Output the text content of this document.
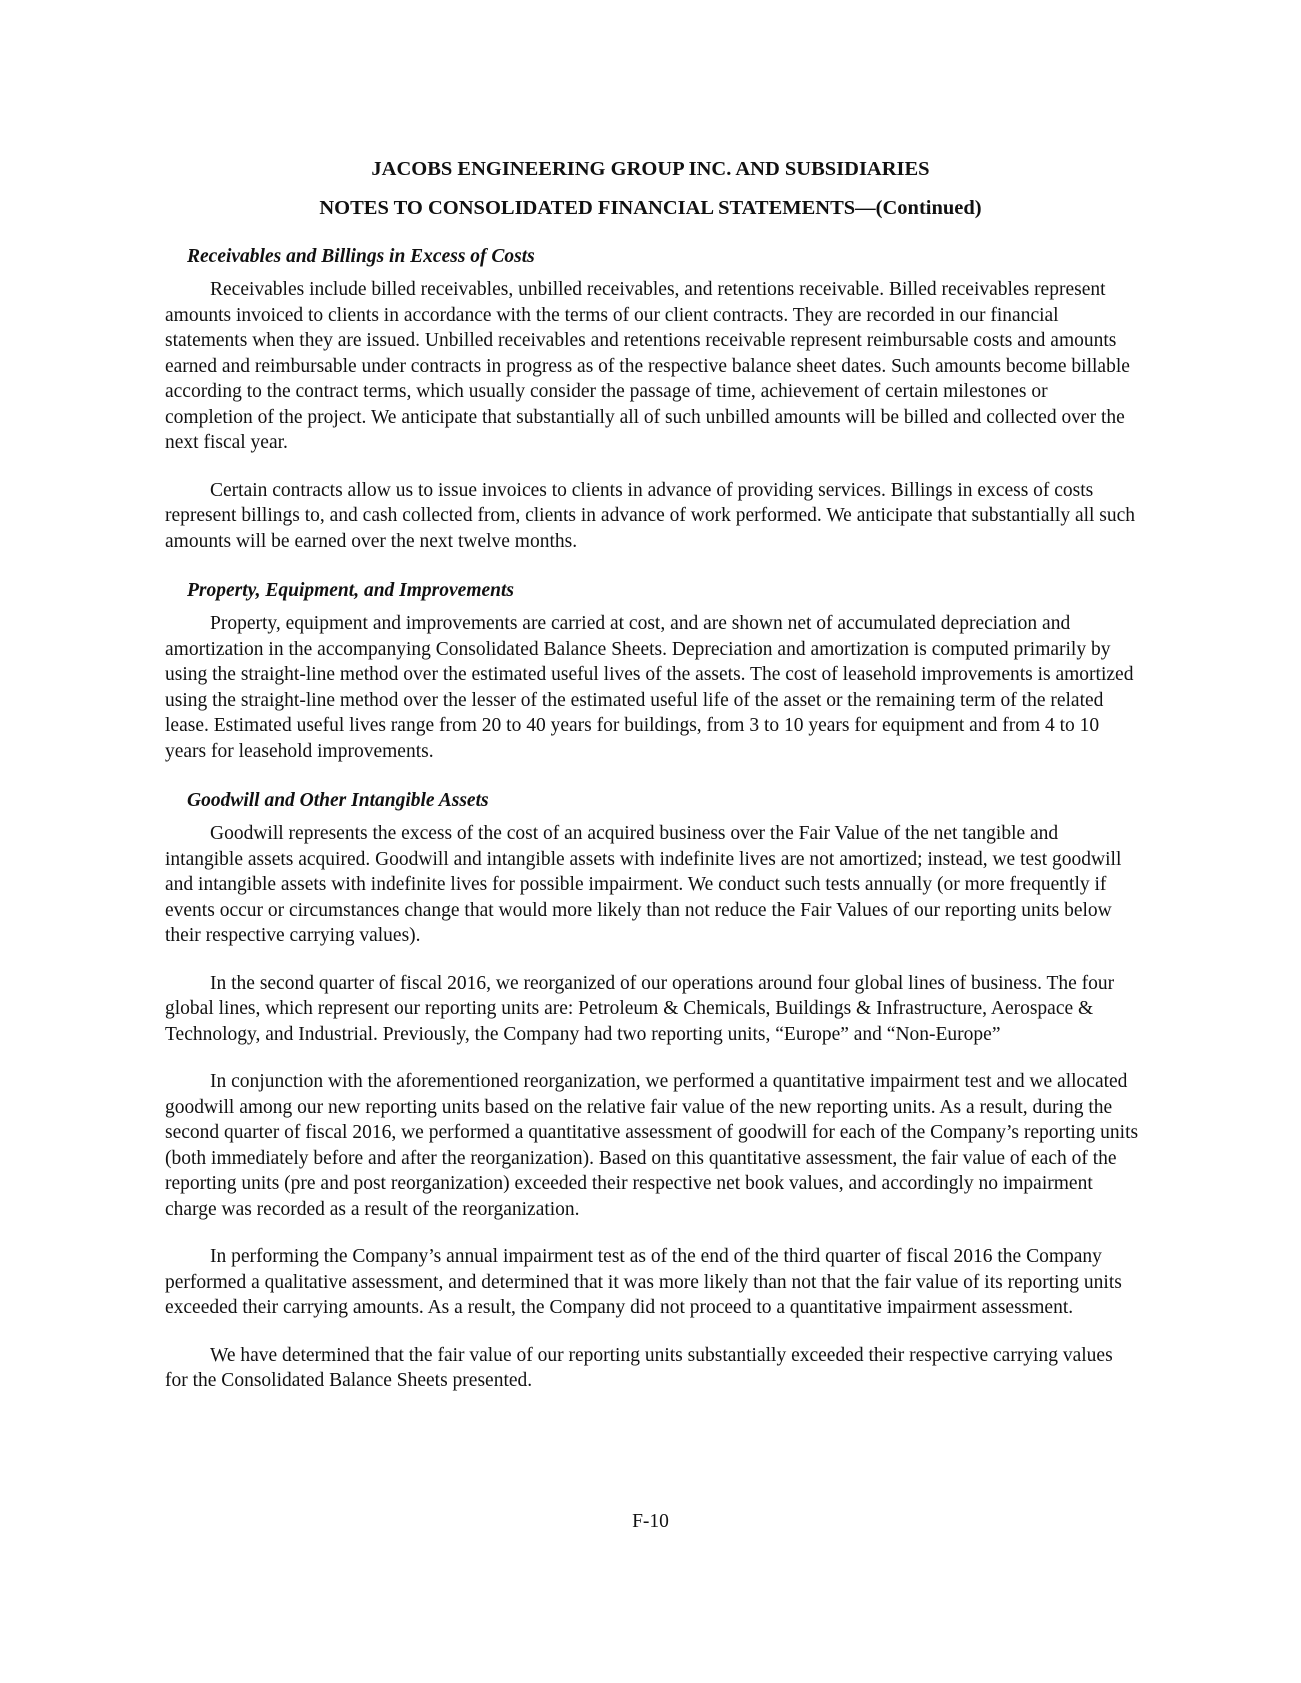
JACOBS ENGINEERING GROUP INC. AND SUBSIDIARIES
NOTES TO CONSOLIDATED FINANCIAL STATEMENTS—(Continued)
Receivables and Billings in Excess of Costs

Receivables include billed receivables, unbilled receivables, and retentions receivable. Billed receivables represent amounts invoiced to clients in accordance with the terms of our client contracts. They are recorded in our financial statements when they are issued. Unbilled receivables and retentions receivable represent reimbursable costs and amounts earned and reimbursable under contracts in progress as of the respective balance sheet dates. Such amounts become billable according to the contract terms, which usually consider the passage of time, achievement of certain milestones or completion of the project. We anticipate that substantially all of such unbilled amounts will be billed and collected over the next fiscal year.

Certain contracts allow us to issue invoices to clients in advance of providing services. Billings in excess of costs represent billings to, and cash collected from, clients in advance of work performed. We anticipate that substantially all such amounts will be earned over the next twelve months.

Property, Equipment, and Improvements

Property, equipment and improvements are carried at cost, and are shown net of accumulated depreciation and amortization in the accompanying Consolidated Balance Sheets. Depreciation and amortization is computed primarily by using the straight-line method over the estimated useful lives of the assets. The cost of leasehold improvements is amortized using the straight-line method over the lesser of the estimated useful life of the asset or the remaining term of the related lease. Estimated useful lives range from 20 to 40 years for buildings, from 3 to 10 years for equipment and from 4 to 10 years for leasehold improvements.

Goodwill and Other Intangible Assets

Goodwill represents the excess of the cost of an acquired business over the Fair Value of the net tangible and intangible assets acquired. Goodwill and intangible assets with indefinite lives are not amortized; instead, we test goodwill and intangible assets with indefinite lives for possible impairment. We conduct such tests annually (or more frequently if events occur or circumstances change that would more likely than not reduce the Fair Values of our reporting units below their respective carrying values).

In the second quarter of fiscal 2016, we reorganized of our operations around four global lines of business. The four global lines, which represent our reporting units are: Petroleum & Chemicals, Buildings & Infrastructure, Aerospace & Technology, and Industrial. Previously, the Company had two reporting units, “Europe” and “Non-Europe”

In conjunction with the aforementioned reorganization, we performed a quantitative impairment test and we allocated goodwill among our new reporting units based on the relative fair value of the new reporting units. As a result, during the second quarter of fiscal 2016, we performed a quantitative assessment of goodwill for each of the Company’s reporting units (both immediately before and after the reorganization). Based on this quantitative assessment, the fair value of each of the reporting units (pre and post reorganization) exceeded their respective net book values, and accordingly no impairment charge was recorded as a result of the reorganization.

In performing the Company’s annual impairment test as of the end of the third quarter of fiscal 2016 the Company performed a qualitative assessment, and determined that it was more likely than not that the fair value of its reporting units exceeded their carrying amounts. As a result, the Company did not proceed to a quantitative impairment assessment.

We have determined that the fair value of our reporting units substantially exceeded their respective carrying values for the Consolidated Balance Sheets presented.

F-10
